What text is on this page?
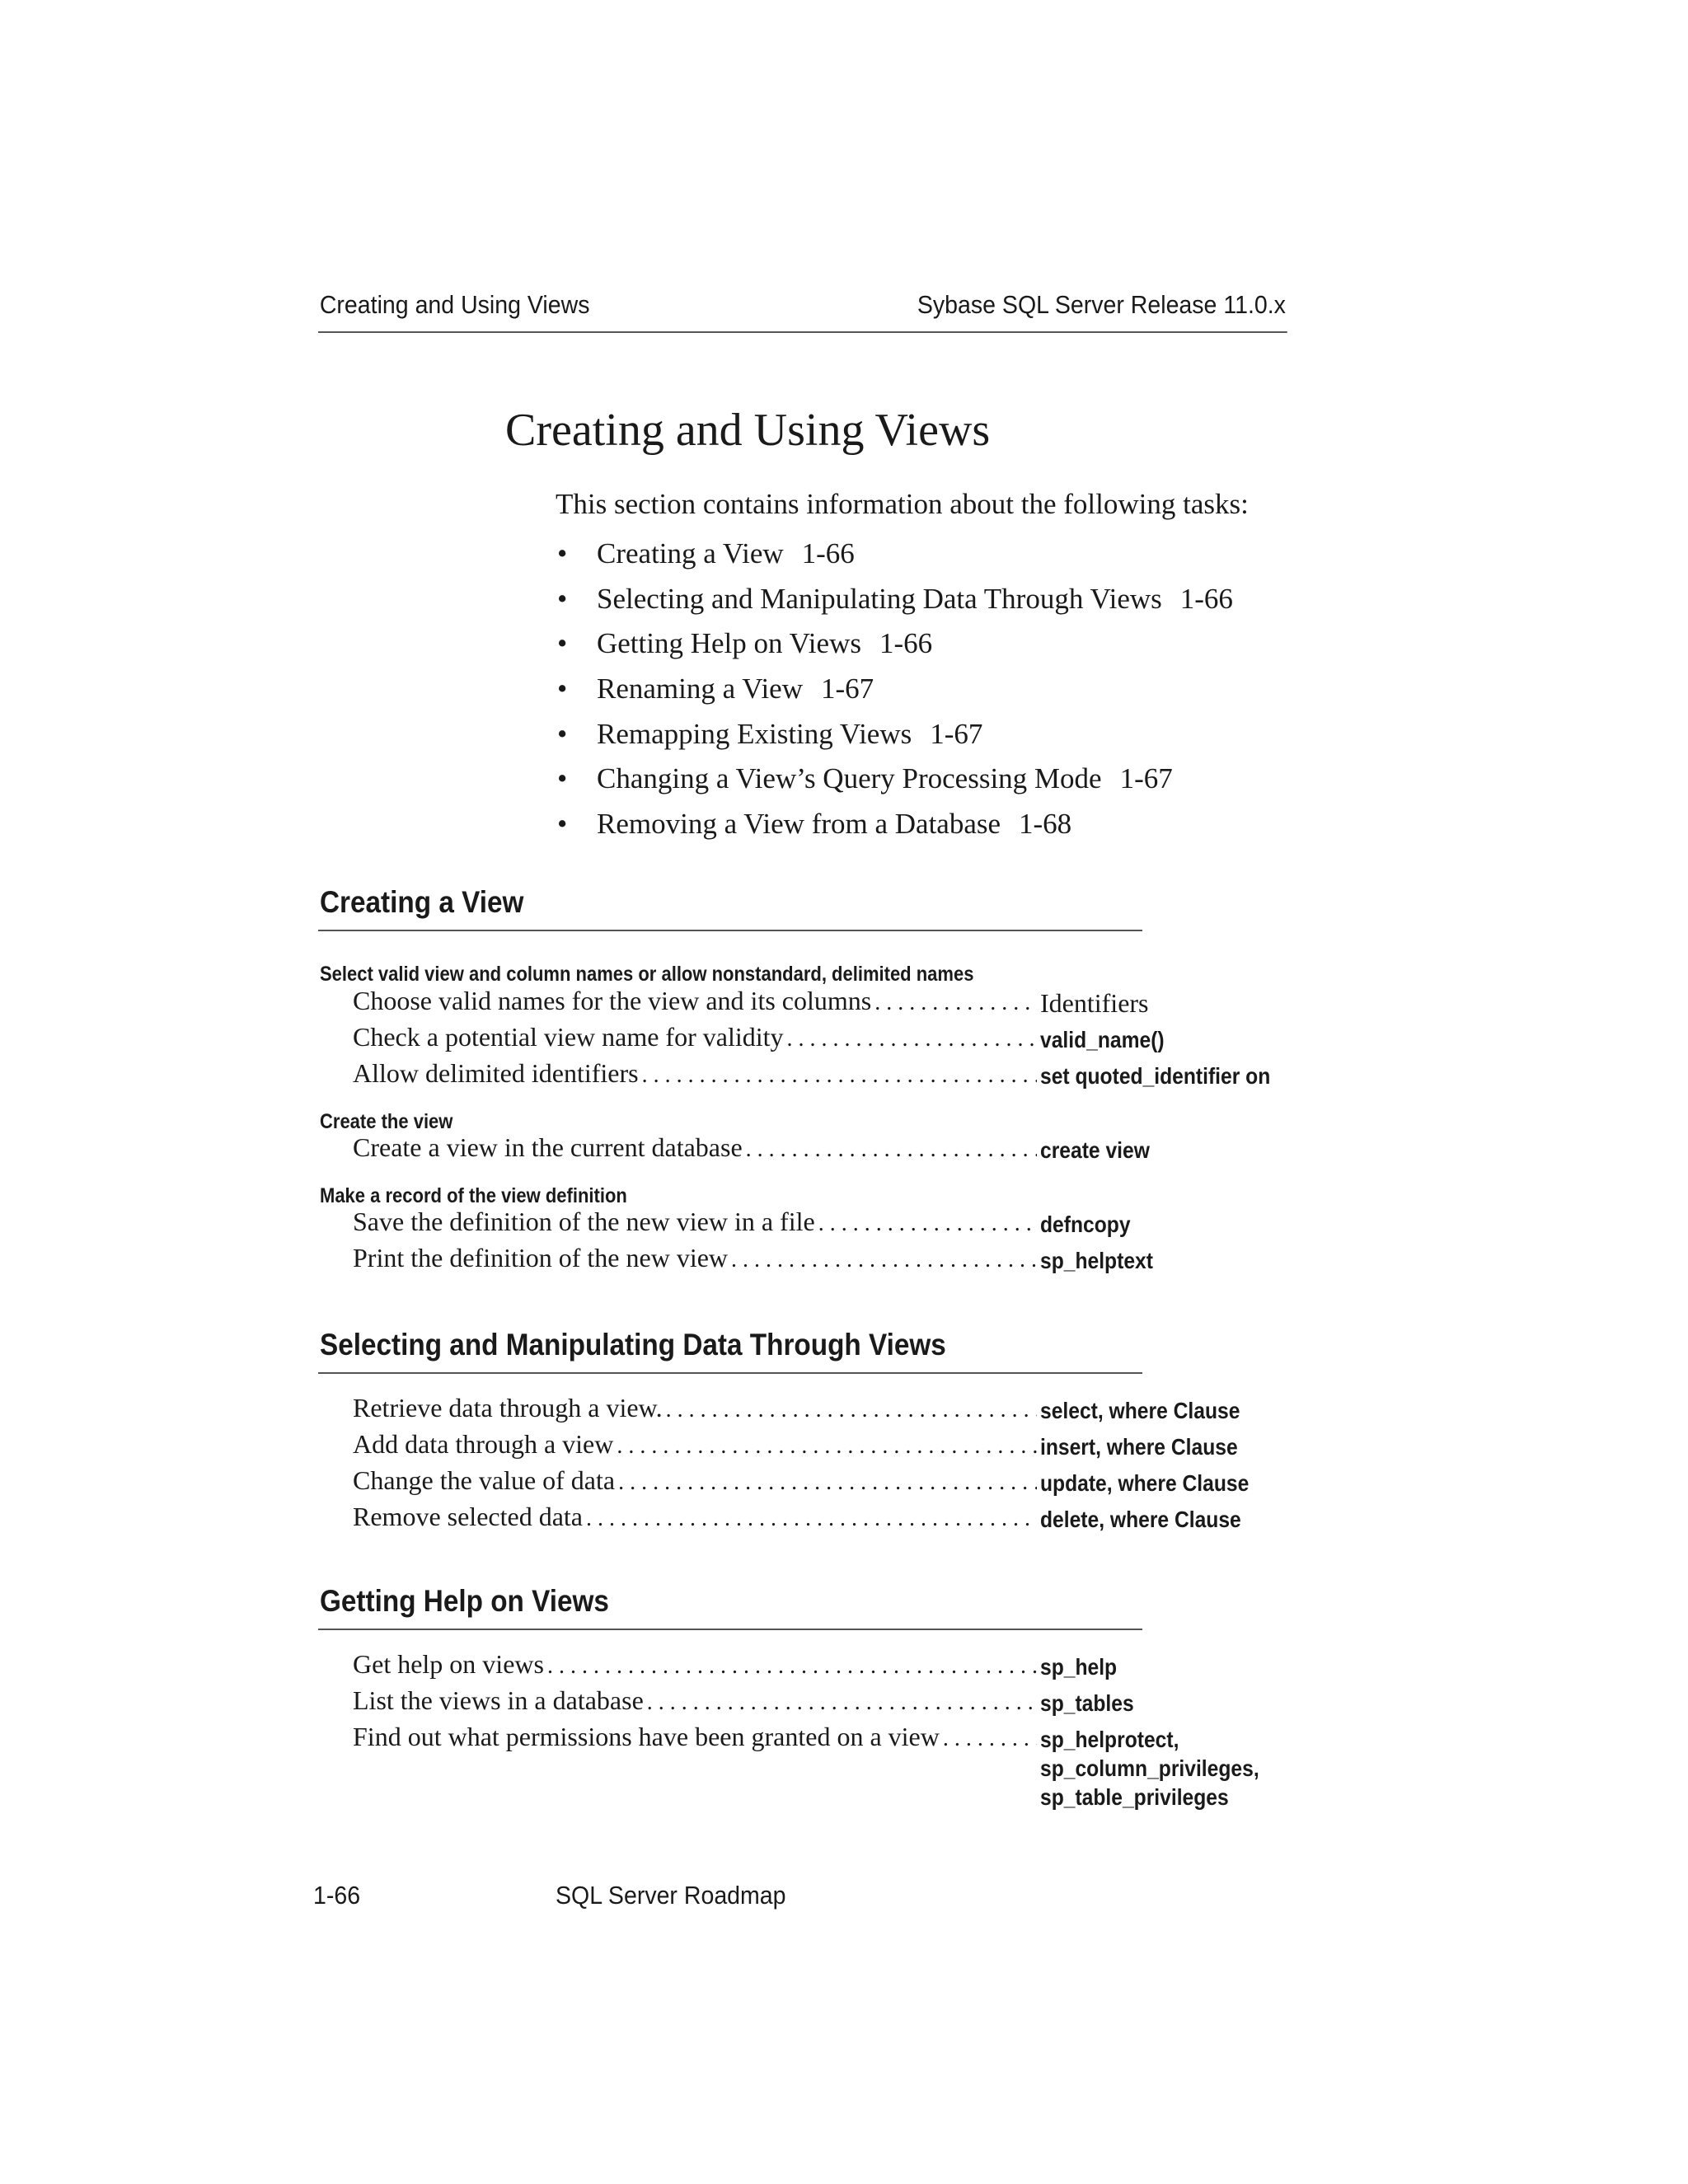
Creating and Using Views	Sybase SQL Server Release 11.0.x
Creating and Using Views
This section contains information about the following tasks:
• Creating a View 1-66
• Selecting and Manipulating Data Through Views 1-66
• Getting Help on Views 1-66
• Renaming a View 1-67
• Remapping Existing Views 1-67
• Changing a View’s Query Processing Mode 1-67
• Removing a View from a Database 1-68
Creating a View
Select valid view and column names or allow nonstandard, delimited names
Choose valid names for the view and its columns . . .	Identifiers
Check a potential view name for validity . . .	valid_name()
Allow delimited identifiers . . .	set quoted_identifier on
Create the view
Create a view in the current database . . .	create view
Make a record of the view definition
Save the definition of the new view in a file . . .	defncopy
Print the definition of the new view . . .	sp_helptext
Selecting and Manipulating Data Through Views
Retrieve data through a view. . . .	select, where Clause
Add data through a view . . .	insert, where Clause
Change the value of data . . .	update, where Clause
Remove selected data . . .	delete, where Clause
Getting Help on Views
Get help on views . . .	sp_help
List the views in a database . . .	sp_tables
Find out what permissions have been granted on a view . . .	sp_helprotect,
sp_column_privileges,
sp_table_privileges
1-66	SQL Server Roadmap
